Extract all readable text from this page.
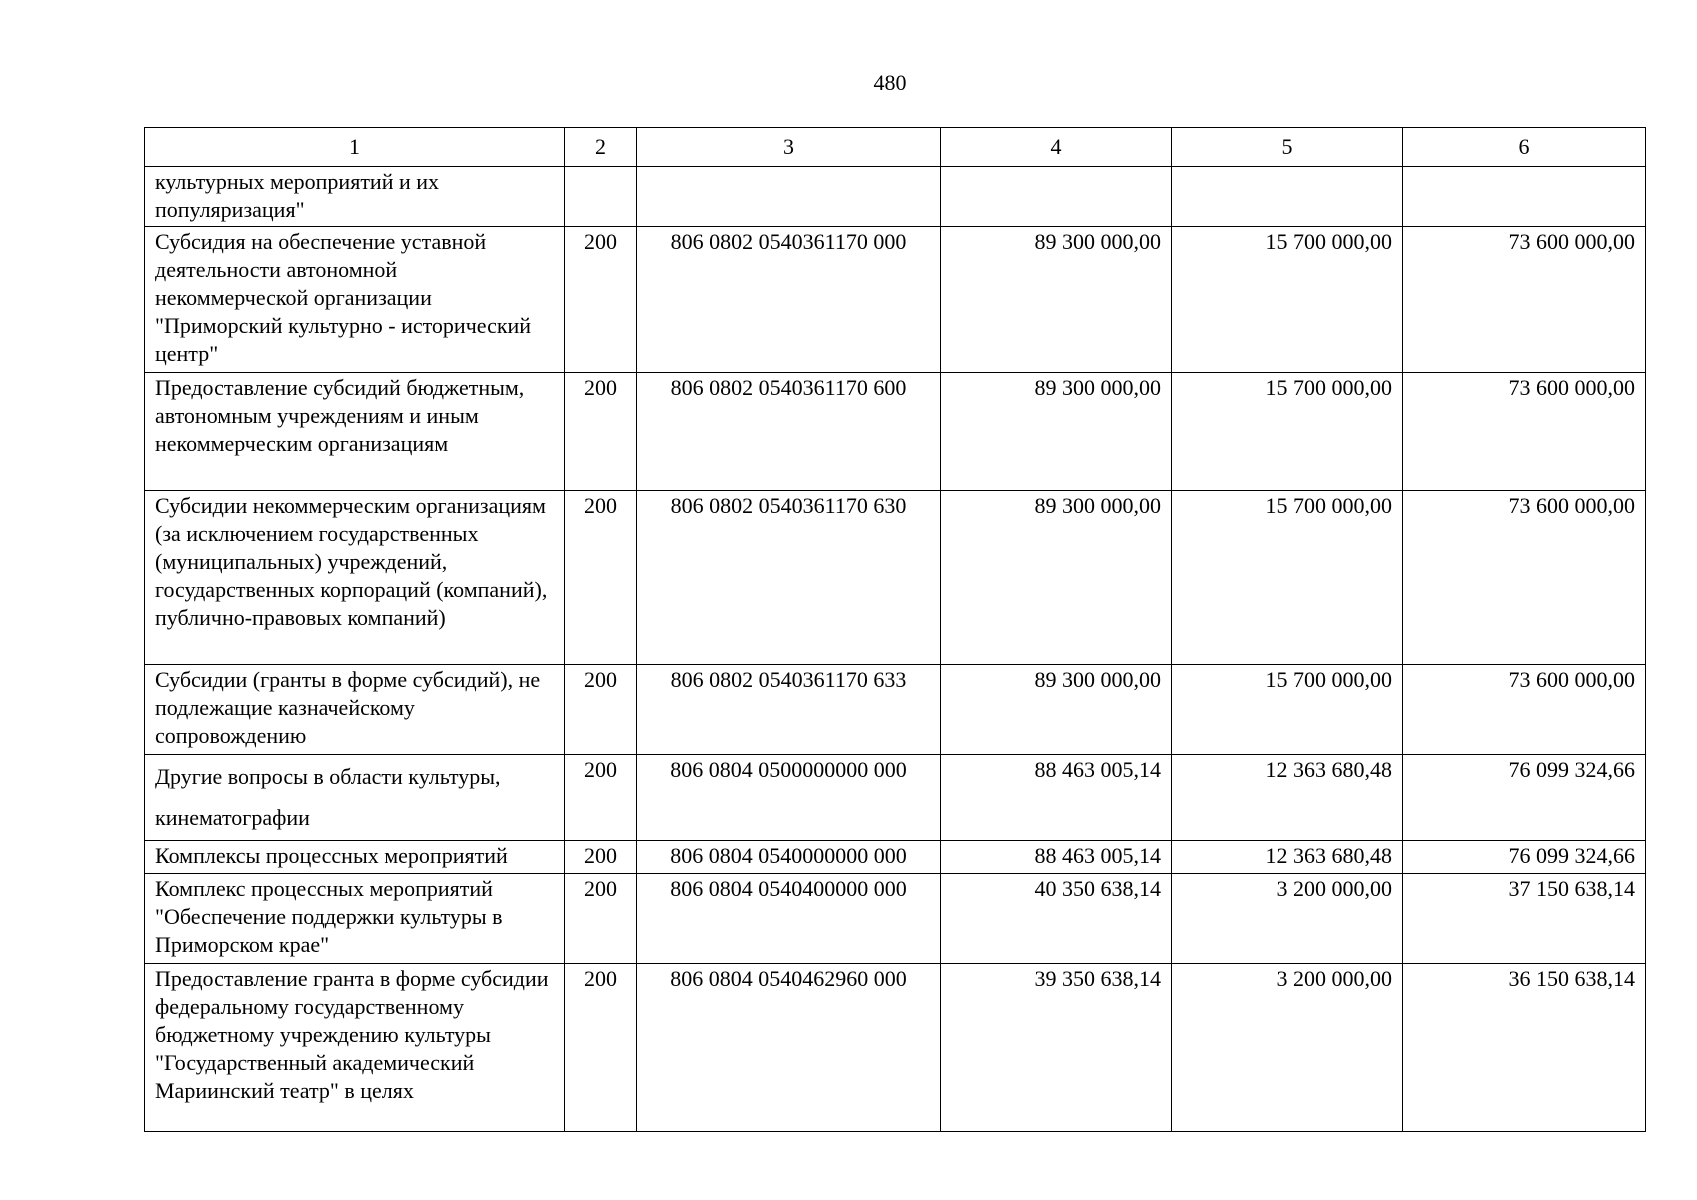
480
1	2	3	4	5	6
культурных мероприятий и их популяризация"					
Субсидия на обеспечение уставной деятельности автономной некоммерческой организации "Приморский культурно - исторический центр"	200	806 0802 0540361170 000	89 300 000,00	15 700 000,00	73 600 000,00
Предоставление субсидий бюджетным, автономным учреждениям и иным некоммерческим организациям	200	806 0802 0540361170 600	89 300 000,00	15 700 000,00	73 600 000,00
Субсидии некоммерческим организациям (за исключением государственных (муниципальных) учреждений, государственных корпораций (компаний), публично-правовых компаний)	200	806 0802 0540361170 630	89 300 000,00	15 700 000,00	73 600 000,00
Субсидии (гранты в форме субсидий), не подлежащие казначейскому сопровождению	200	806 0802 0540361170 633	89 300 000,00	15 700 000,00	73 600 000,00
Другие вопросы в области культуры, кинематографии	200	806 0804 0500000000 000	88 463 005,14	12 363 680,48	76 099 324,66
Комплексы процессных мероприятий	200	806 0804 0540000000 000	88 463 005,14	12 363 680,48	76 099 324,66
Комплекс процессных мероприятий "Обеспечение поддержки культуры в Приморском крае"	200	806 0804 0540400000 000	40 350 638,14	3 200 000,00	37 150 638,14
Предоставление гранта в форме субсидии федеральному государственному бюджетному учреждению культуры "Государственный академический Мариинский театр" в целях	200	806 0804 0540462960 000	39 350 638,14	3 200 000,00	36 150 638,14
